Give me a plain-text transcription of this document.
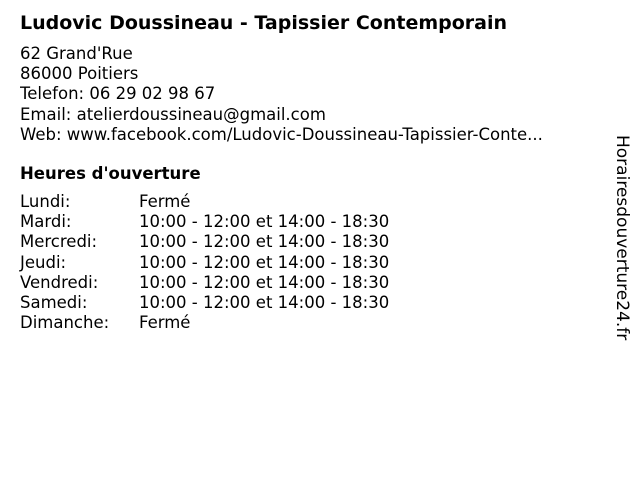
Ludovic Doussineau - Tapissier Contemporain
62 Grand'Rue
86000 Poitiers
Telefon: 06 29 02 98 67
Email: atelierdoussineau@gmail.com
Web: www.facebook.com/Ludovic-Doussineau-Tapissier-Conte...
Heures d'ouverture
Lundi:	Fermé
Mardi:	10:00 - 12:00 et 14:00 - 18:30
Mercredi:	10:00 - 12:00 et 14:00 - 18:30
Jeudi:	10:00 - 12:00 et 14:00 - 18:30
Vendredi:	10:00 - 12:00 et 14:00 - 18:30
Samedi:	10:00 - 12:00 et 14:00 - 18:30
Dimanche:	Fermé	Horairesdouverture24.fr
